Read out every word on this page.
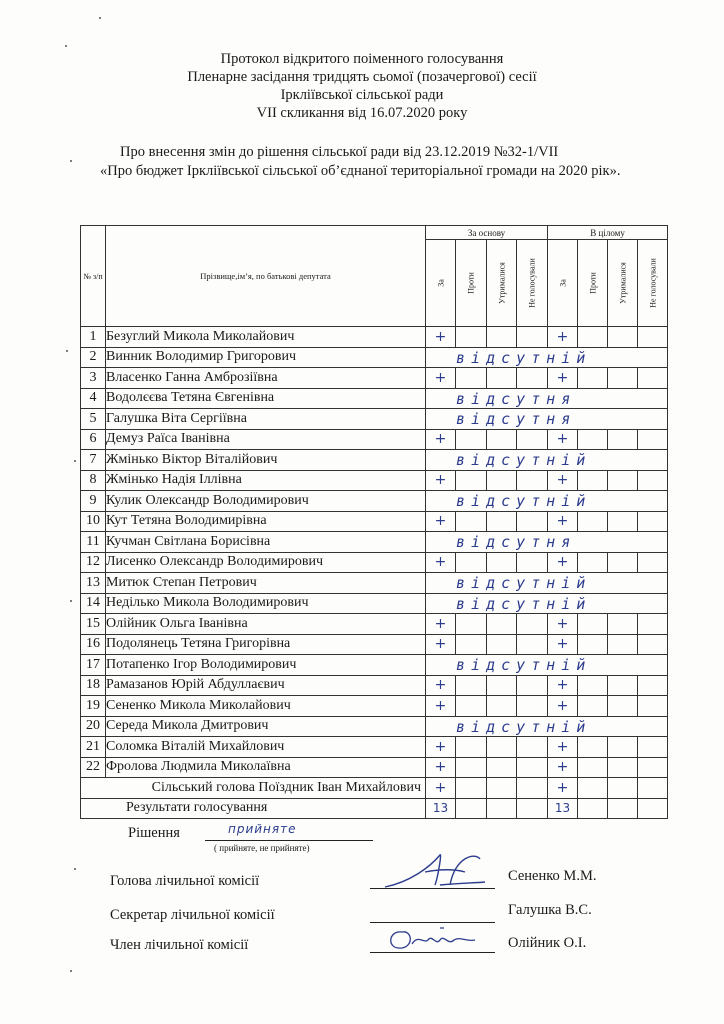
Протокол відкритого поіменного голосування
Пленарне засідання тридцять сьомої (позачергової) сесії
Ірклiївської сільської ради
VII скликання від 16.07.2020 року
Про внесення змін до рішення сільської ради від 23.12.2019 №32-1/VII
«Про бюджет Ірклiївської сільської об’єднаної територіальної громади на 2020 рік».
№ з/п	Прізвище,ім’я, по батькові депутата	За основу				В цілому			

		За	Проти	Утрималися	Не голосували	За	Проти	Утрималися	Не голосували

1	Безуглий Микола Миколайович	+				+			
2	Винник Володимир Григорович	відсутній							

3	Власенко Ганна Амброзіївна	+				+			
4	Водолєєва Тетяна Євгенівна	відсутня							

5	Галушка Віта Сергіївна	відсутня							

6	Демуз Раїса Іванівна	+				+			
7	Жмінько Віктор Віталійович	відсутній							

8	Жмінько Надія Іллівна	+				+			
9	Кулик Олександр Володимирович	відсутній							

10	Кут Тетяна Володимирівна	+				+			
11	Кучман Світлана Борисівна	відсутня							

12	Лисенко Олександр Володимирович	+				+			
13	Митюк Степан Петрович	відсутній							

14	Неділько Микола Володимирович	відсутній							

15	Олійник Ольга Іванівна	+				+			
16	Подолянець Тетяна Григорівна	+				+			
17	Потапенко Ігор Володимирович	відсутній							

18	Рамазанов Юрій Абдуллаєвич	+				+			
19	Сененко Микола Миколайович	+				+			
20	Середа Микола Дмитрович	відсутній							

21	Соломка Віталій Михайлович	+				+			
22	Фролова Людмила Миколаївна	+				+			
Сільський голова Поїздник Іван Михайлович		+				+			
Результати голосування		13				13			
Рішення	прийняте
( прийняте, не прийняте)
Голова лічильної комісії	Сененко М.М.
Секретар лічильної комісії	Галушка В.С.
Член лічильної комісії	Олійник О.І.
